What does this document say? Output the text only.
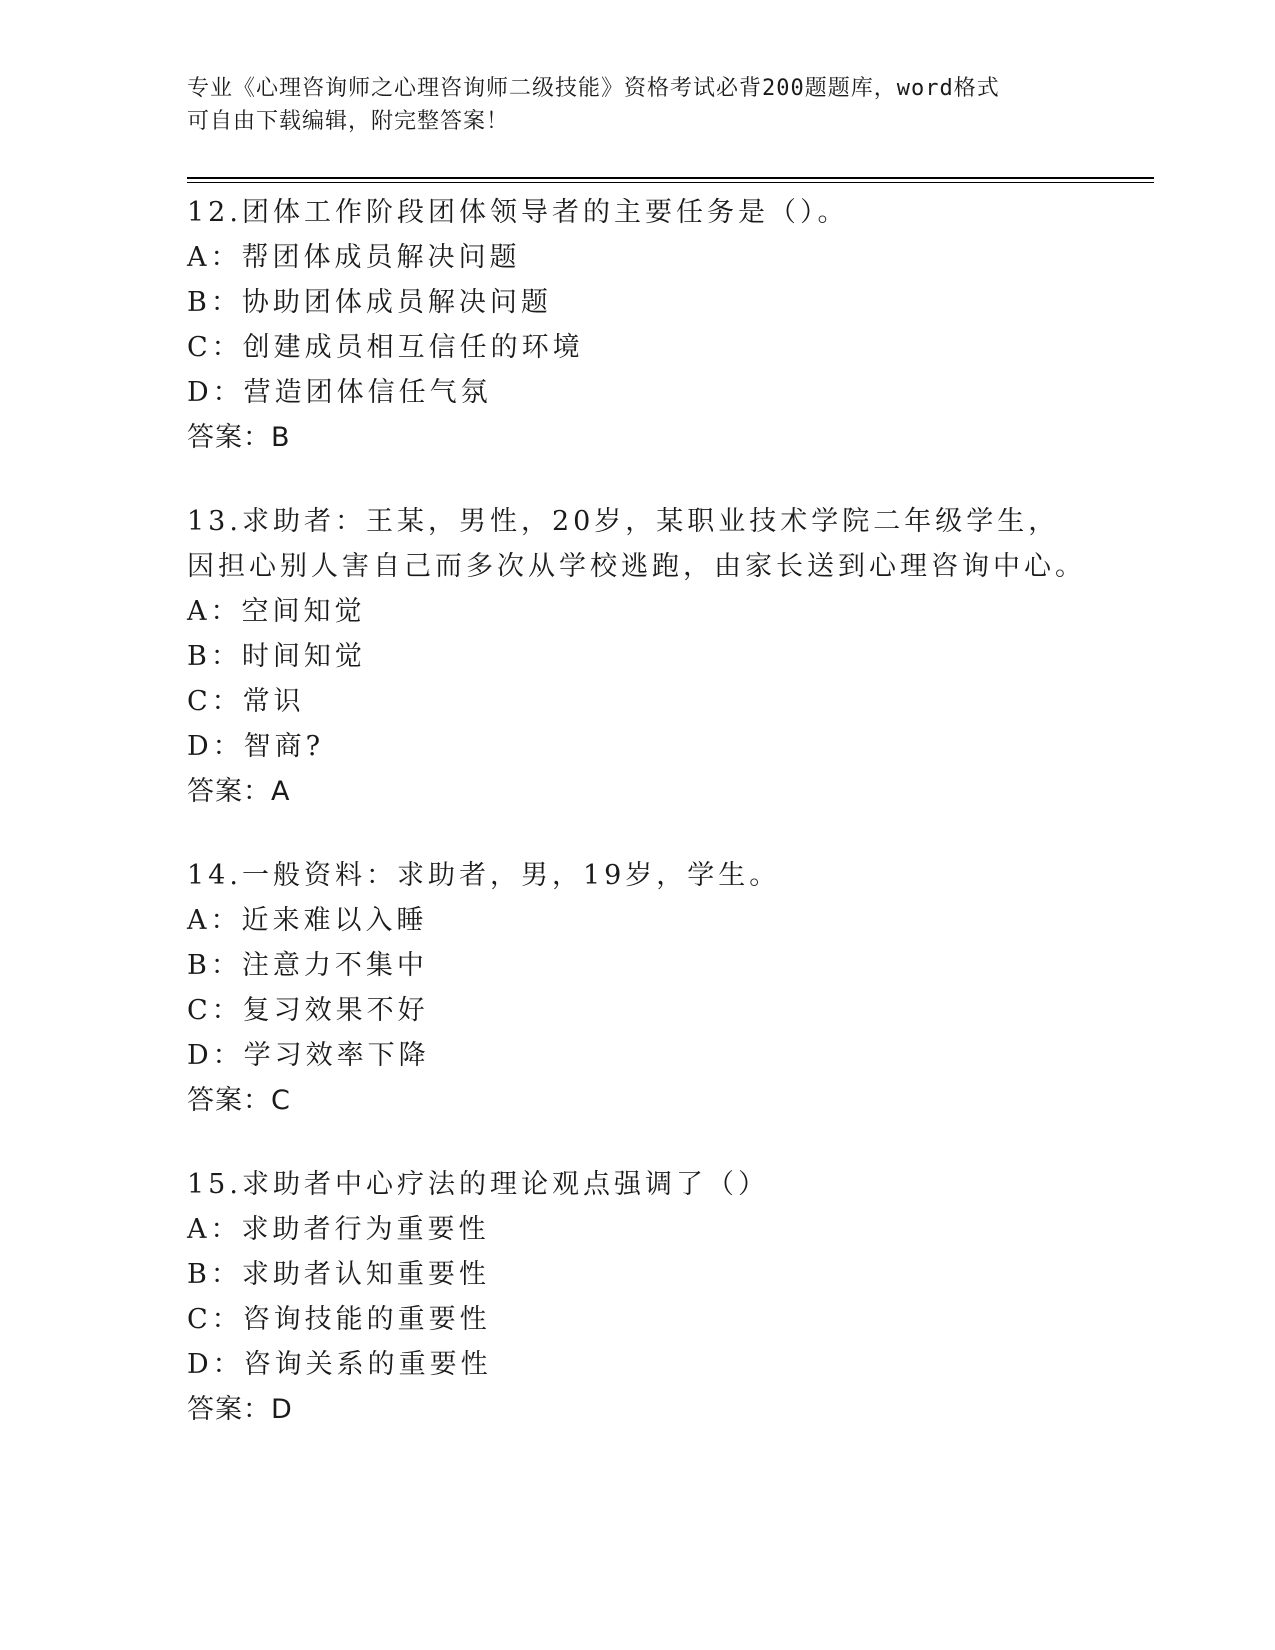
专业《心理咨询师之心理咨询师二级技能》资格考试必背200题题库，word格式
可自由下载编辑，附完整答案！
12.团体工作阶段团体领导者的主要任务是（）。
A：帮团体成员解决问题
B：协助团体成员解决问题
C：创建成员相互信任的环境
D：营造团体信任气氛
答案：B
13.求助者：王某，男性，20岁，某职业技术学院二年级学生，因担心别人害自己而多次从学校逃跑，由家长送到心理咨询中心。
A：空间知觉
B：时间知觉
C：常识
D：智商?
答案：A
14.一般资料：求助者，男，19岁，学生。
A：近来难以入睡
B：注意力不集中
C：复习效果不好
D：学习效率下降
答案：C
15.求助者中心疗法的理论观点强调了（）
A：求助者行为重要性
B：求助者认知重要性
C：咨询技能的重要性
D：咨询关系的重要性
答案：D
